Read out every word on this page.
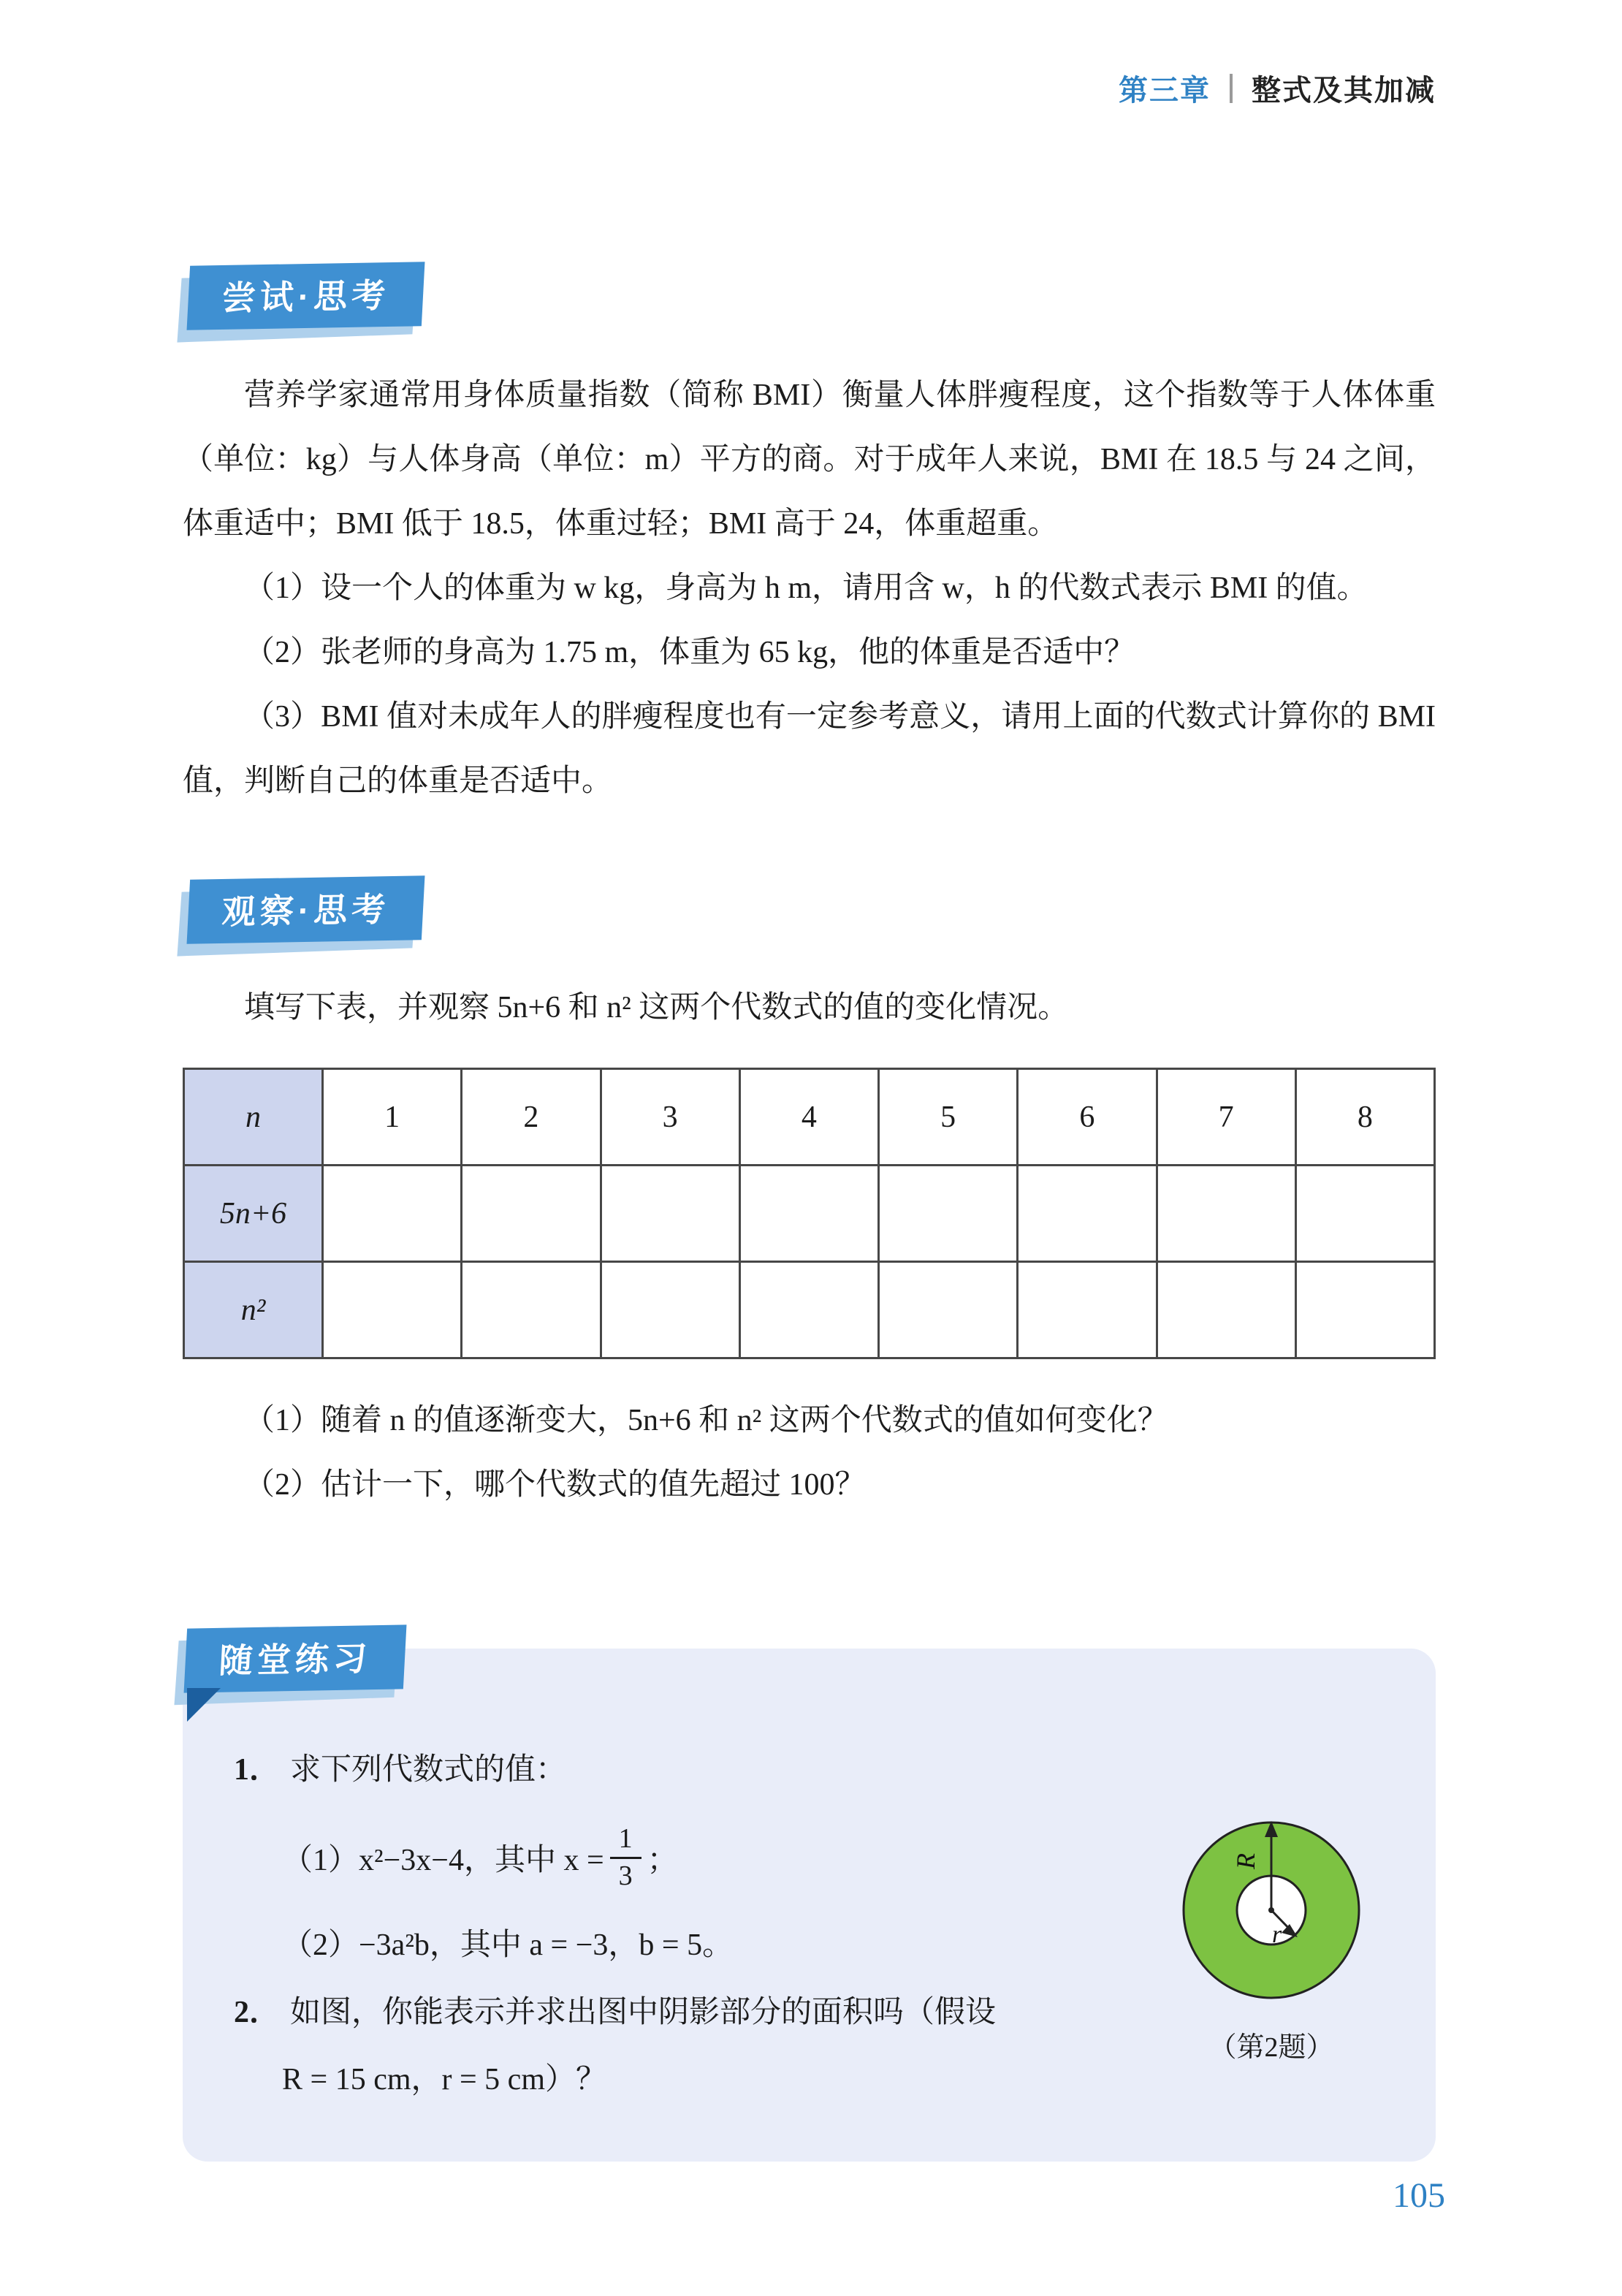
第三章 整式及其加减
尝试·思考

营养学家通常用身体质量指数（简称 BMI）衡量人体胖瘦程度，这个指数等于人体体重（单位：kg）与人体身高（单位：m）平方的商。对于成年人来说，BMI 在 18.5 与 24 之间，体重适中；BMI 低于 18.5，体重过轻；BMI 高于 24，体重超重。

（1）设一个人的体重为 w kg，身高为 h m，请用含 w，h 的代数式表示 BMI 的值。

（2）张老师的身高为 1.75 m，体重为 65 kg，他的体重是否适中？

（3）BMI 值对未成年人的胖瘦程度也有一定参考意义，请用上面的代数式计算你的 BMI 值，判断自己的体重是否适中。

观察·思考

填写下表，并观察 5n+6 和 n² 这两个代数式的值的变化情况。

n	1	2	3	4	5	6	7	8
5n+6								
n²								

（1）随着 n 的值逐渐变大，5n+6 和 n² 这两个代数式的值如何变化？

（2）估计一下，哪个代数式的值先超过 100？

随堂练习

1． 求下列代数式的值：

（1）x²−3x−4，其中 $x = \frac{1}{3}$ ；

（2）−3a²b，其中 a = −3，b = 5。

2． 如图，你能表示并求出图中阴影部分的面积吗（假设

R = 15 cm，r = 5 cm）？

R
r
（第2题）
105
